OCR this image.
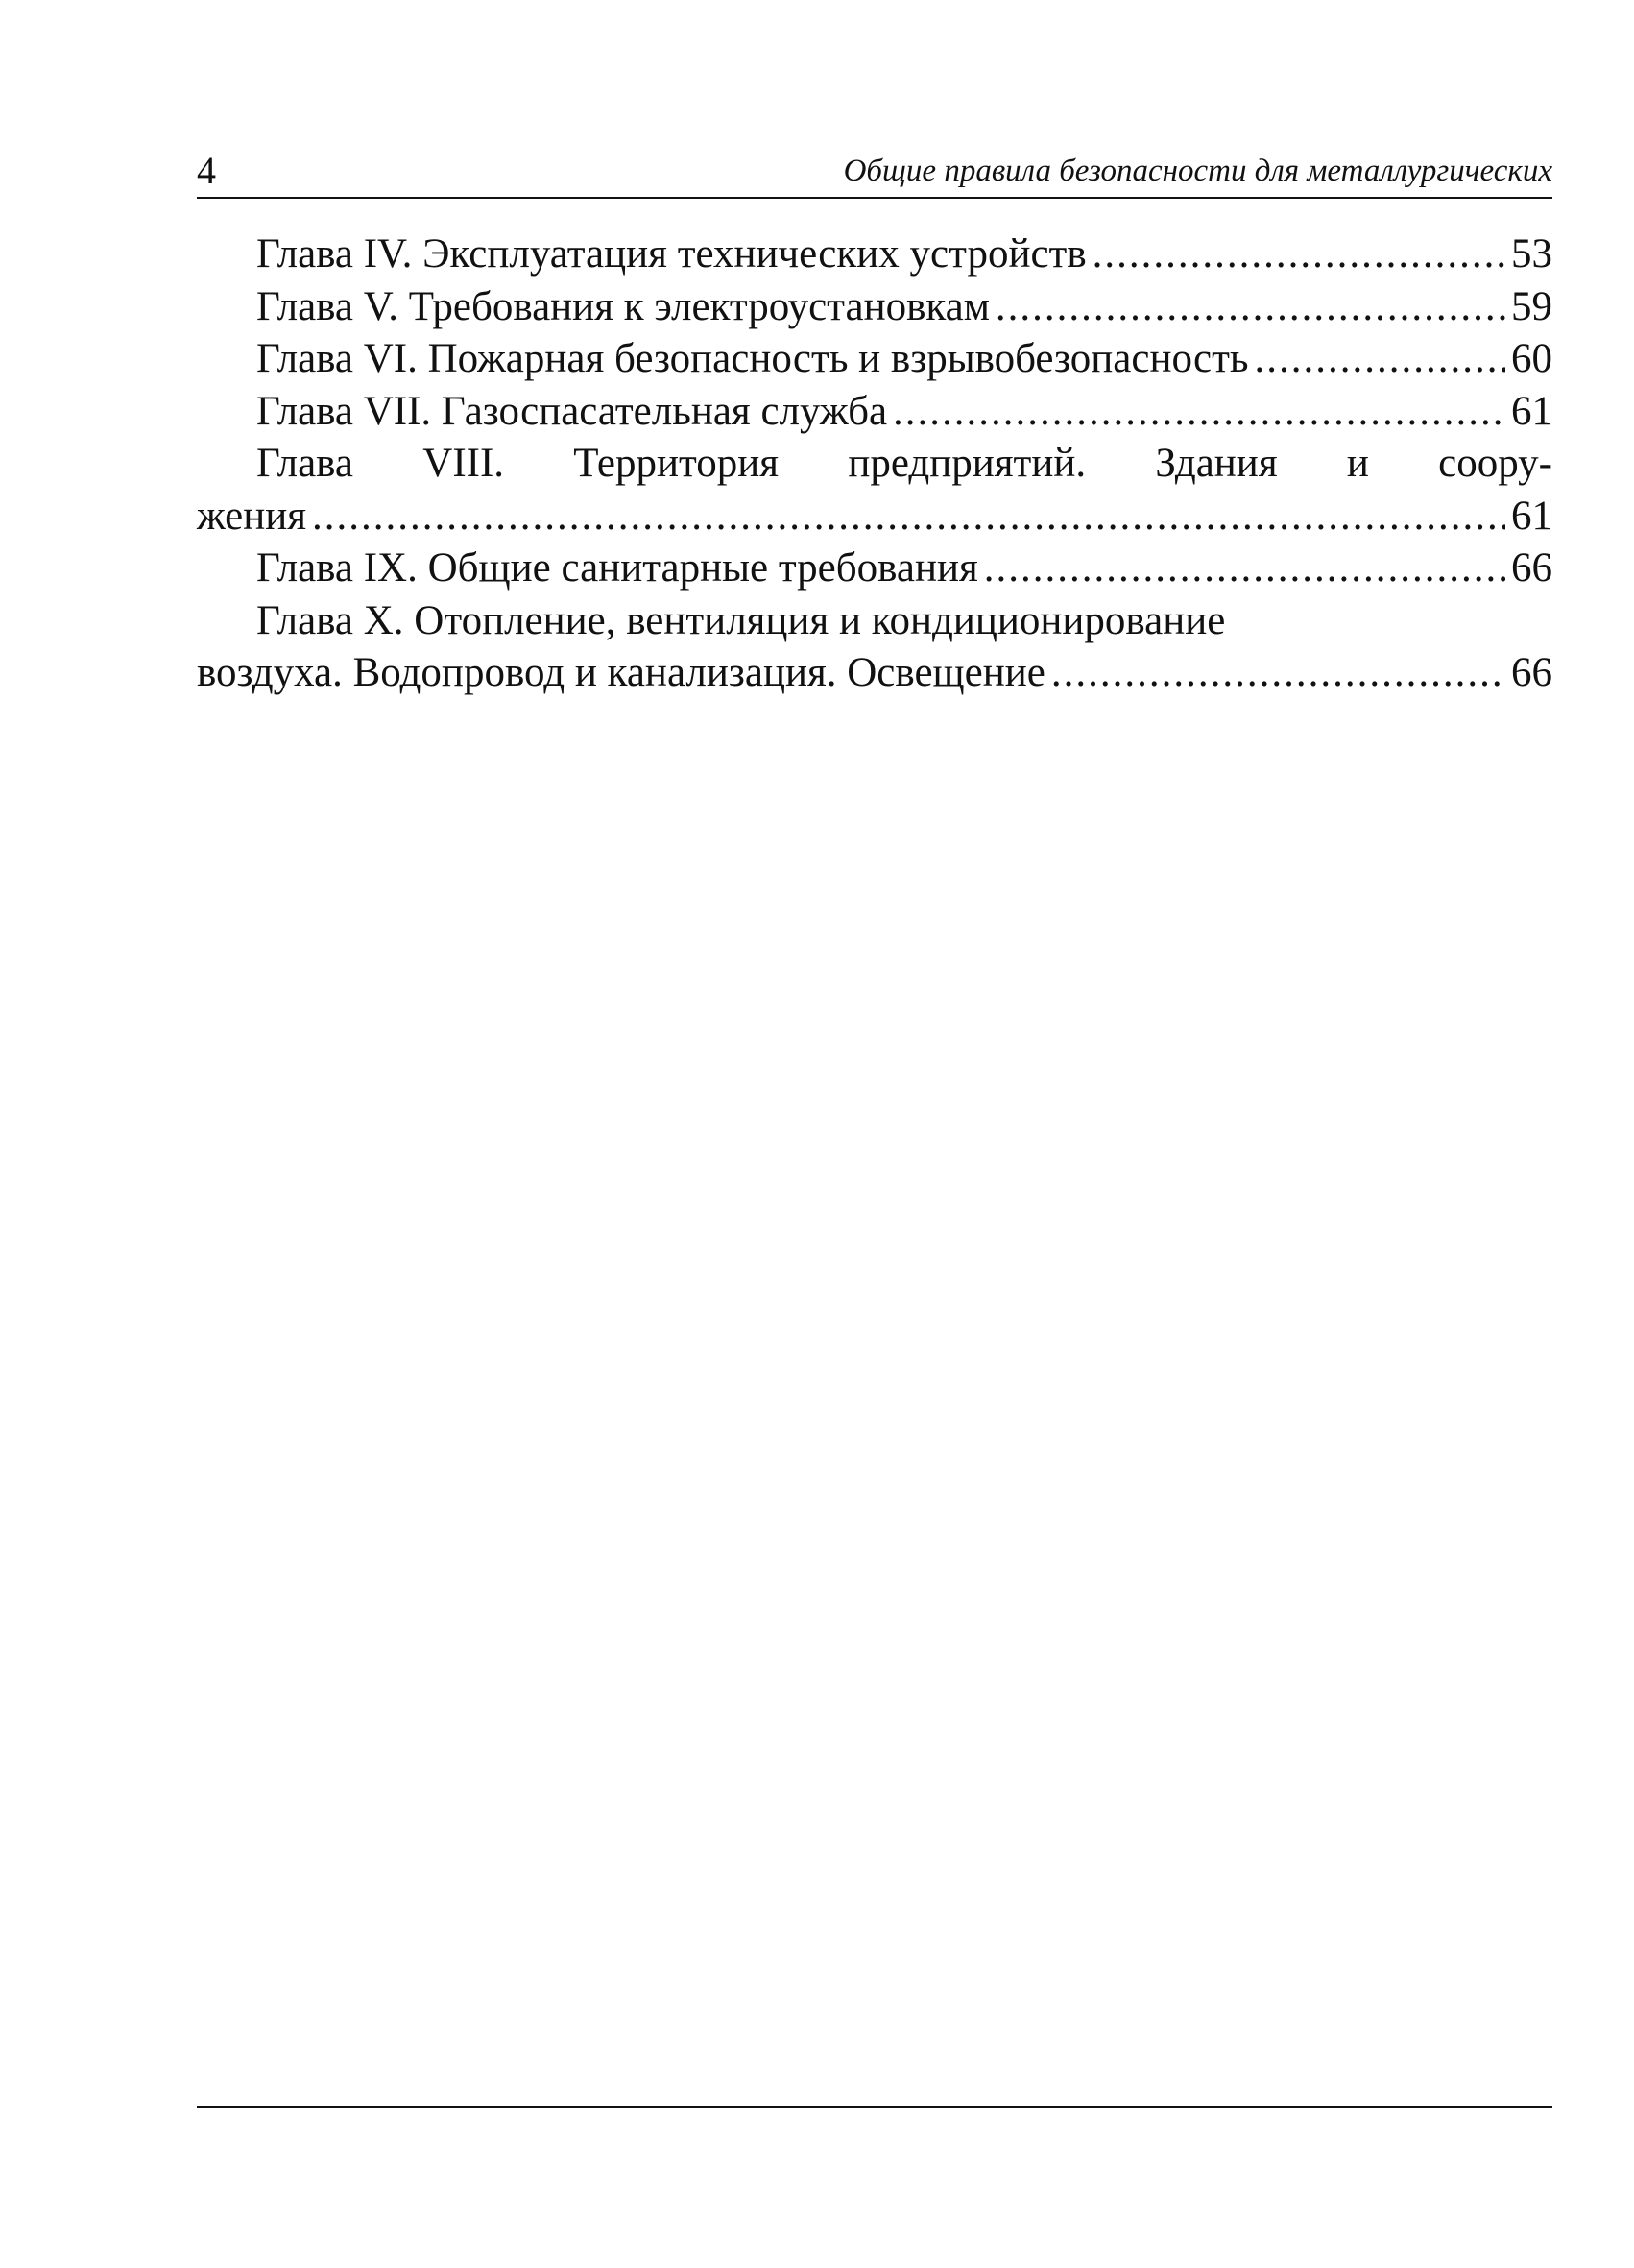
4	Общие правила безопасности для металлургических
Глава IV. Эксплуатация технических устройств .....	53
Глава V. Требования к электроустановкам .....	59
Глава VI. Пожарная безопасность и взрывобезопасность .....	60
Глава VII. Газоспасательная служба .....	61
Глава VIII. Территория предприятий. Здания и соору-
жения .....	61
Глава IX. Общие санитарные требования .....	66
Глава X. Отопление, вентиляция и кондиционирование
воздуха. Водопровод и канализация. Освещение .....	66
